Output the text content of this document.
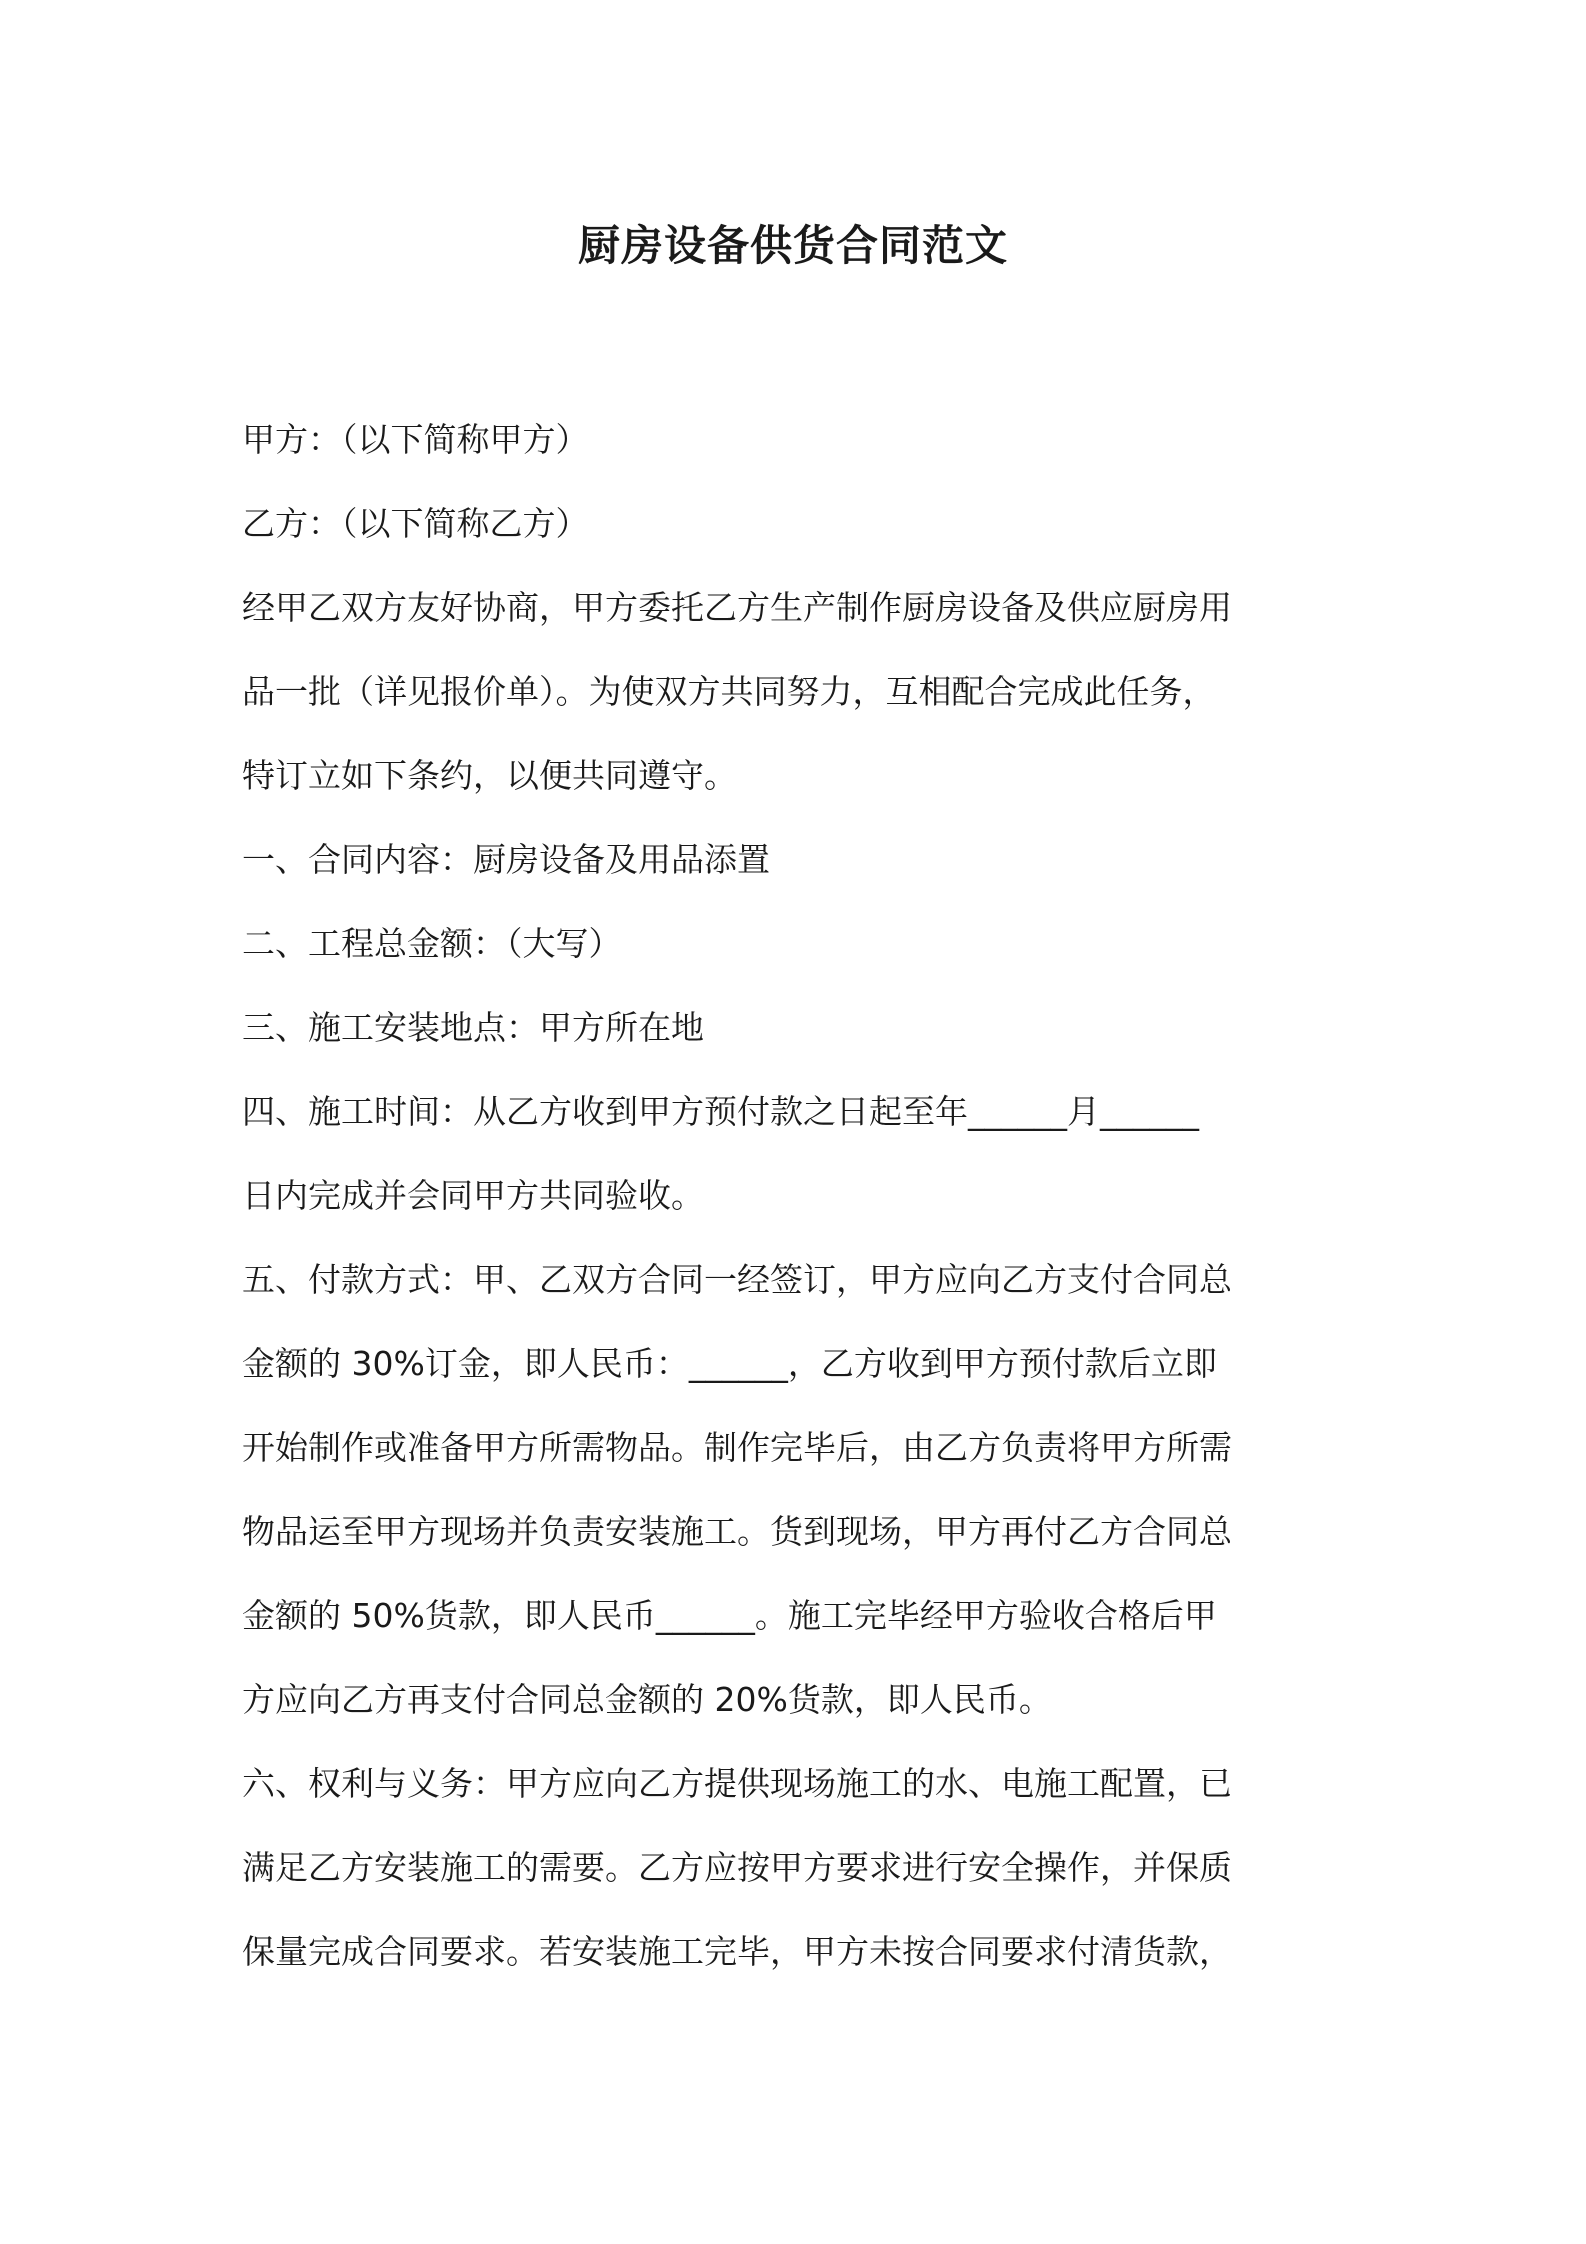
厨房设备供货合同范文
甲方：（以下简称甲方）
乙方：（以下简称乙方）
经甲乙双方友好协商，甲方委托乙方生产制作厨房设备及供应厨房用
品一批（详见报价单）。为使双方共同努力，互相配合完成此任务，
特订立如下条约，以便共同遵守。
一、合同内容：厨房设备及用品添置
二、工程总金额：（大写）
三、施工安装地点：甲方所在地
四、施工时间：从乙方收到甲方预付款之日起至年______月______
日内完成并会同甲方共同验收。
五、付款方式：甲、乙双方合同一经签订，甲方应向乙方支付合同总
金额的 30%订金，即人民币：______，乙方收到甲方预付款后立即
开始制作或准备甲方所需物品。制作完毕后，由乙方负责将甲方所需
物品运至甲方现场并负责安装施工。货到现场，甲方再付乙方合同总
金额的 50%货款，即人民币______。施工完毕经甲方验收合格后甲
方应向乙方再支付合同总金额的 20%货款，即人民币。
六、权利与义务：甲方应向乙方提供现场施工的水、电施工配置，已
满足乙方安装施工的需要。乙方应按甲方要求进行安全操作，并保质
保量完成合同要求。若安装施工完毕，甲方未按合同要求付清货款，
